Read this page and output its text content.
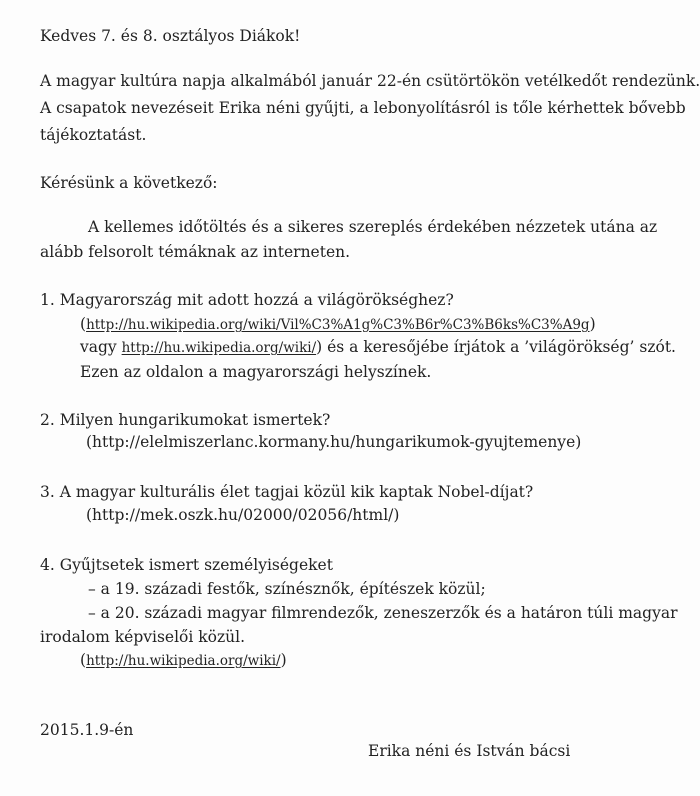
Kedves 7. és 8. osztályos Diákok!
A magyar kultúra napja alkalmából január 22-én csütörtökön vetélkedőt rendezünk.
A csapatok nevezéseit Erika néni gyűjti, a lebonyolításról is tőle kérhettek bővebb
tájékoztatást.
Kérésünk a következő:
A kellemes időtöltés és a sikeres szereplés érdekében nézzetek utána az
alább felsorolt témáknak az interneten.
1. Magyarország mit adott hozzá a világörökséghez?
(http://hu.wikipedia.org/wiki/Vil%C3%A1g%C3%B6r%C3%B6ks%C3%A9g)
vagy http://hu.wikipedia.org/wiki/) és a keresőjébe írjátok a ’világörökség’ szót.
Ezen az oldalon a magyarországi helyszínek.
2. Milyen hungarikumokat ismertek?
(http://elelmiszerlanc.kormany.hu/hungarikumok-gyujtemenye)
3. A magyar kulturális élet tagjai közül kik kaptak Nobel-díjat?
(http://mek.oszk.hu/02000/02056/html/)
4. Gyűjtsetek ismert személyiségeket
– a 19. századi festők, színésznők, építészek közül;
– a 20. századi magyar filmrendezők, zeneszerzők és a határon túli magyar
irodalom képviselői közül.
(http://hu.wikipedia.org/wiki/)
2015.1.9-én
Erika néni és István bácsi
